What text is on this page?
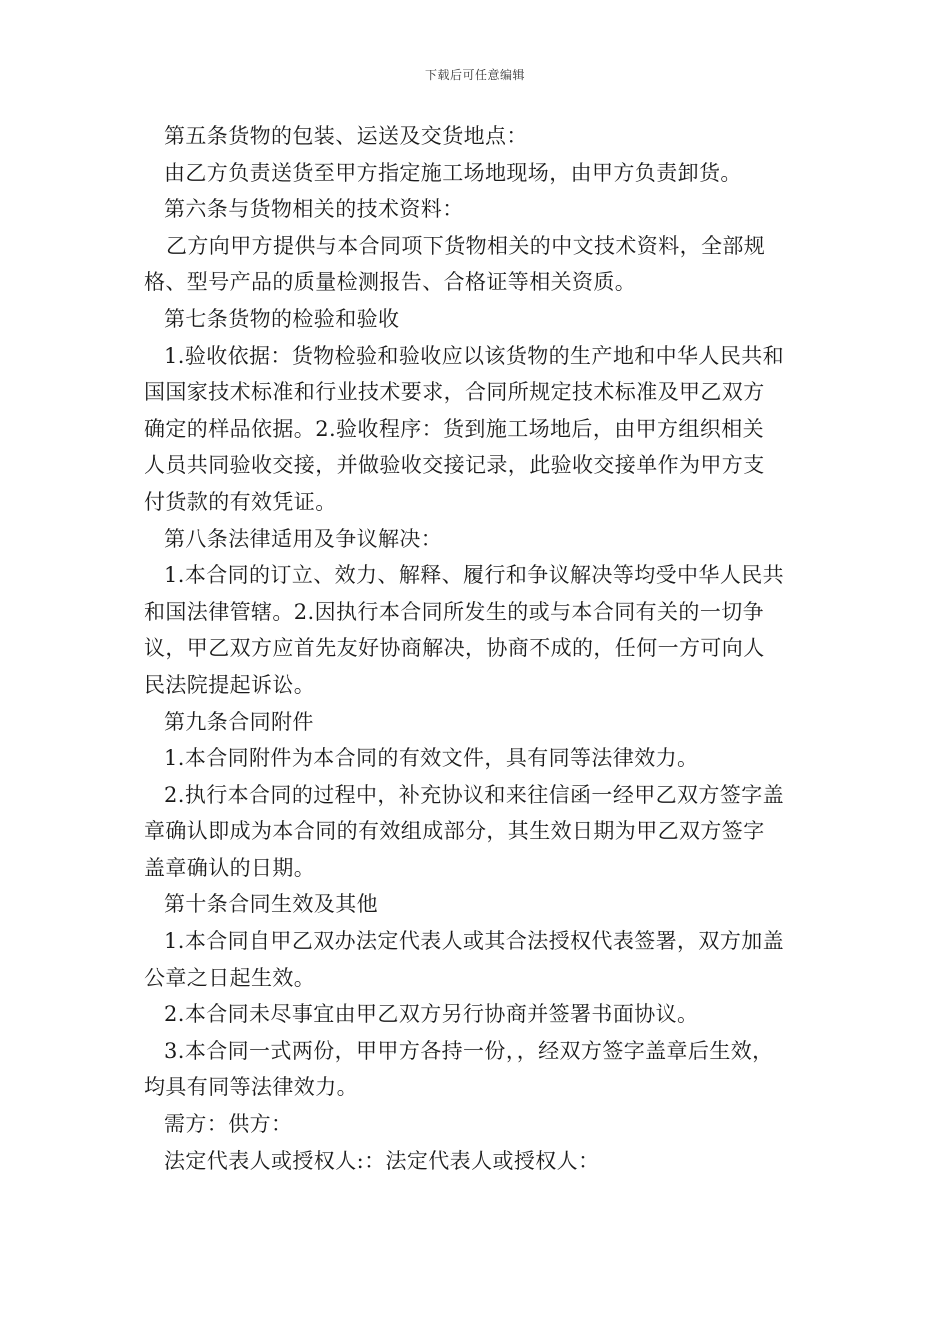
下载后可任意编辑
第五条货物的包装、运送及交货地点：
由乙方负责送货至甲方指定施工场地现场，由甲方负责卸货。
第六条与货物相关的技术资料：
乙方向甲方提供与本合同项下货物相关的中文技术资料，全部规
格、型号产品的质量检测报告、合格证等相关资质。
第七条货物的检验和验收
1.验收依据：货物检验和验收应以该货物的生产地和中华人民共和
国国家技术标准和行业技术要求，合同所规定技术标准及甲乙双方
确定的样品依据。2.验收程序：货到施工场地后，由甲方组织相关
人员共同验收交接，并做验收交接记录，此验收交接单作为甲方支
付货款的有效凭证。
第八条法律适用及争议解决：
1.本合同的订立、效力、解释、履行和争议解决等均受中华人民共
和国法律管辖。2.因执行本合同所发生的或与本合同有关的一切争
议，甲乙双方应首先友好协商解决，协商不成的，任何一方可向人
民法院提起诉讼。
第九条合同附件
1.本合同附件为本合同的有效文件，具有同等法律效力。
2.执行本合同的过程中，补充协议和来往信函一经甲乙双方签字盖
章确认即成为本合同的有效组成部分，其生效日期为甲乙双方签字
盖章确认的日期。
第十条合同生效及其他
1.本合同自甲乙双办法定代表人或其合法授权代表签署，双方加盖
公章之日起生效。
2.本合同未尽事宜由甲乙双方另行协商并签署书面协议。
3.本合同一式两份，甲甲方各持一份，，经双方签字盖章后生效，
均具有同等法律效力。
需方：供方：
法定代表人或授权人:：法定代表人或授权人：
